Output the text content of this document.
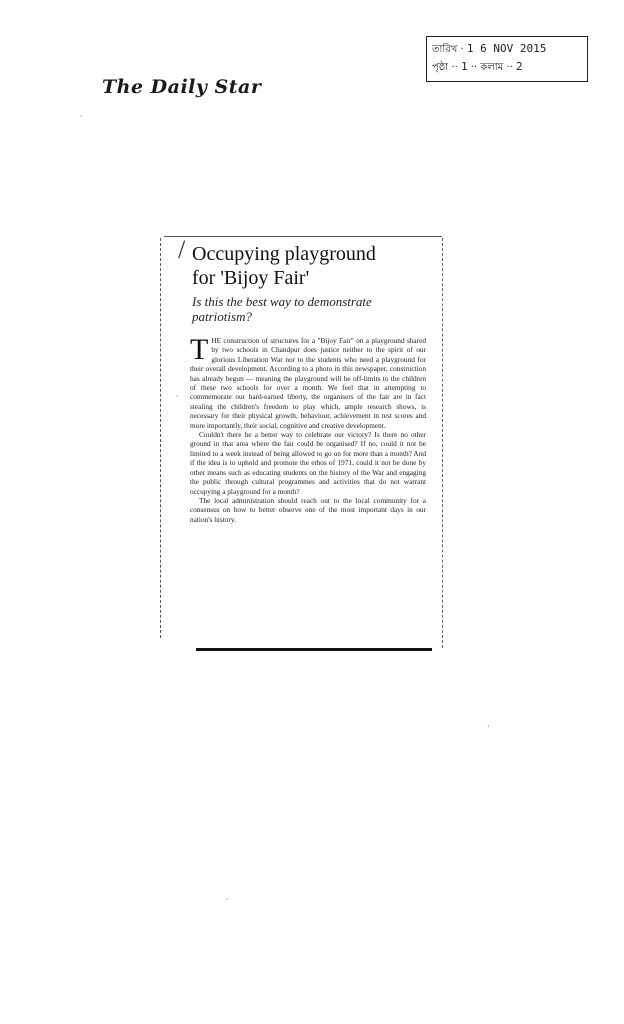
The Daily Star
তারিখ · 1 6 NOV 2015
পৃষ্ঠা ·· 1 ·· কলাম ·· 2
/ Occupying playground
for 'Bijoy Fair'
Is this the best way to demonstrate patriotism?

THE construction of structures for a "Bijoy Fair" on a playground shared by two schools in Chandpur does justice neither to the spirit of our glorious Liberation War nor to the students who need a playground for their overall development. According to a photo in this newspaper, construction has already begun — meaning the playground will be off-limits to the children of these two schools for over a month. We feel that in attempting to commemorate our hard-earned liberty, the organisers of the fair are in fact stealing the children's freedom to play which, ample research shows, is necessary for their physical growth, behaviour, achievement in test scores and more importantly, their social, cognitive and creative development.

Couldn't there be a better way to celebrate our victory? Is there no other ground in that area where the fair could be organised? If no, could it not be limited to a week instead of being allowed to go on for more than a month? And if the idea is to uphold and promote the ethos of 1971, could it not be done by other means such as educating students on the history of the War and engaging the public through cultural programmes and activities that do not warrant occupying a playground for a month?

The local administration should reach out to the local community for a consensus on how to better observe one of the most important days in our nation's history.

·
·
·
·
